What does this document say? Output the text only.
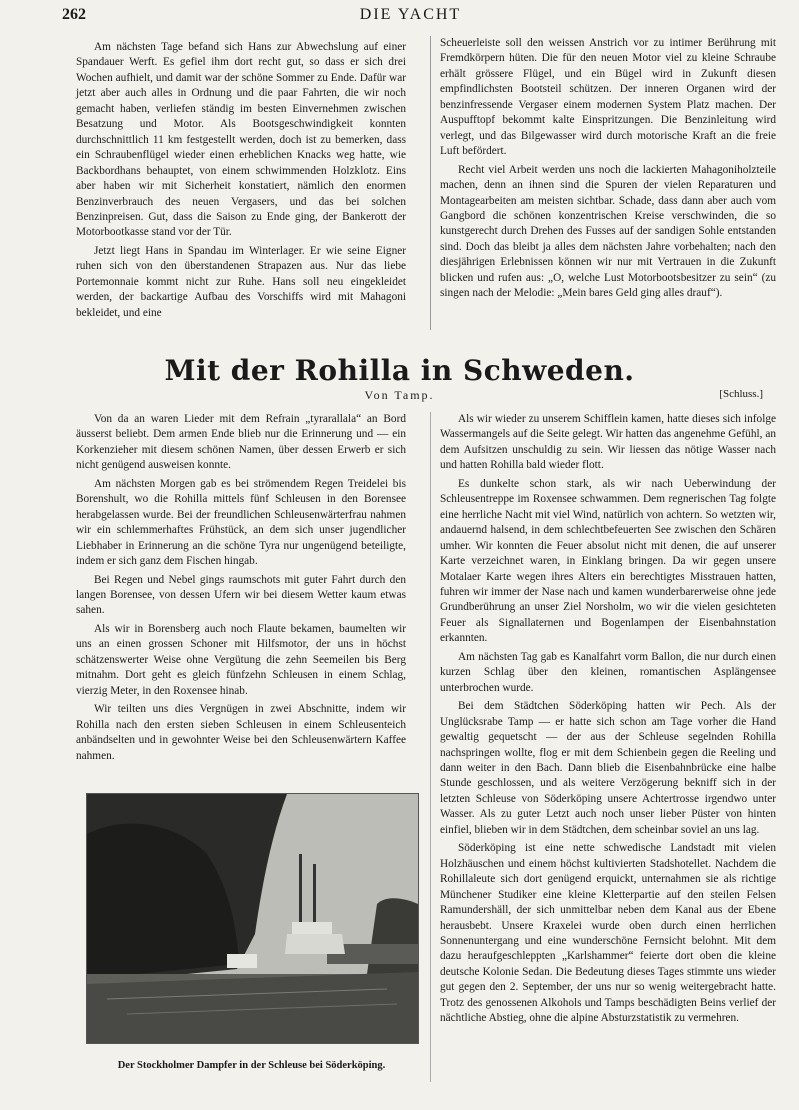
262	DIE YACHT

Am nächsten Tage befand sich Hans zur Abwechslung auf einer Spandauer Werft. Es gefiel ihm dort recht gut, so dass er sich drei Wochen aufhielt, und damit war der schöne Sommer zu Ende. Dafür war jetzt aber auch alles in Ordnung und die paar Fahrten, die wir noch gemacht haben, verliefen ständig im besten Einvernehmen zwischen Besatzung und Motor. Als Bootsgeschwindigkeit konnten durchschnittlich 11 km festgestellt werden, doch ist zu bemerken, dass ein Schraubenflügel wieder einen erheblichen Knacks weg hatte, wie Backbordhans behauptet, von einem schwimmenden Holzklotz. Eins aber haben wir mit Sicherheit konstatiert, nämlich den enormen Benzinverbrauch des neuen Vergasers, und das bei solchen Benzinpreisen. Gut, dass die Saison zu Ende ging, der Bankerott der Motorbootkasse stand vor der Tür.

Jetzt liegt Hans in Spandau im Winterlager. Er wie seine Eigner ruhen sich von den überstandenen Strapazen aus. Nur das liebe Portemonnaie kommt nicht zur Ruhe. Hans soll neu eingekleidet werden, der backartige Aufbau des Vorschiffs wird mit Mahagoni bekleidet, und eine

Scheuerleiste soll den weissen Anstrich vor zu intimer Berührung mit Fremdkörpern hüten. Die für den neuen Motor viel zu kleine Schraube erhält grössere Flügel, und ein Bügel wird in Zukunft diesen empfindlichsten Bootsteil schützen. Der inneren Organen wird der benzinfressende Vergaser einem modernen System Platz machen. Der Auspufftopf bekommt kalte Einspritzungen. Die Benzinleitung wird verlegt, und das Bilgewasser wird durch motorische Kraft an die freie Luft befördert.

Recht viel Arbeit werden uns noch die lackierten Mahagoniholzteile machen, denn an ihnen sind die Spuren der vielen Reparaturen und Montagearbeiten am meisten sichtbar. Schade, dass dann aber auch vom Gangbord die schönen konzentrischen Kreise verschwinden, die so kunstgerecht durch Drehen des Fusses auf der sandigen Sohle entstanden sind. Doch das bleibt ja alles dem nächsten Jahre vorbehalten; nach den diesjährigen Erlebnissen können wir nur mit Vertrauen in die Zukunft blicken und rufen aus: „O, welche Lust Motorbootsbesitzer zu sein“ (zu singen nach der Melodie: „Mein bares Geld ging alles drauf“).

Mit der Rohilla in Schweden.
Von Tamp.	[Schluss.]

Von da an waren Lieder mit dem Refrain „tyrarallala“ an Bord äusserst beliebt. Dem armen Ende blieb nur die Erinnerung und — ein Korkenzieher mit diesem schönen Namen, über dessen Erwerb er sich nicht genügend ausweisen konnte.

Am nächsten Morgen gab es bei strömendem Regen Treidelei bis Borenshult, wo die Rohilla mittels fünf Schleusen in den Borensee herabgelassen wurde. Bei der freundlichen Schleusenwärterfrau nahmen wir ein schlemmerhaftes Frühstück, an dem sich unser jugendlicher Liebhaber in Erinnerung an die schöne Tyra nur ungenügend beteiligte, indem er sich ganz dem Fischen hingab.

Bei Regen und Nebel gings raumschots mit guter Fahrt durch den langen Borensee, von dessen Ufern wir bei diesem Wetter kaum etwas sahen.

Als wir in Borensberg auch noch Flaute bekamen, baumelten wir uns an einen grossen Schoner mit Hilfsmotor, der uns in höchst schätzenswerter Weise ohne Vergütung die zehn Seemeilen bis Berg mitnahm. Dort geht es gleich fünfzehn Schleusen in einem Schlag, vierzig Meter, in den Roxensee hinab.

Wir teilten uns dies Vergnügen in zwei Abschnitte, indem wir Rohilla nach den ersten sieben Schleusen in einem Schleusenteich anbändselten und in gewohnter Weise bei den Schleusenwärtern Kaffee nahmen.

Als wir wieder zu unserem Schifflein kamen, hatte dieses sich infolge Wassermangels auf die Seite gelegt. Wir hatten das angenehme Gefühl, an dem Aufsitzen unschuldig zu sein. Wir liessen das nötige Wasser nach und hatten Rohilla bald wieder flott.

Es dunkelte schon stark, als wir nach Ueberwindung der Schleusentreppe im Roxensee schwammen. Dem regnerischen Tag folgte eine herrliche Nacht mit viel Wind, natürlich von achtern. So wetzten wir, andauernd halsend, in dem schlechtbefeuerten See zwischen den Schären umher. Wir konnten die Feuer absolut nicht mit denen, die auf unserer Karte verzeichnet waren, in Einklang bringen. Da wir gegen unsere Motalaer Karte wegen ihres Alters ein berechtigtes Misstrauen hatten, fuhren wir immer der Nase nach und kamen wunderbarerweise ohne jede Grundberührung an unser Ziel Norsholm, wo wir die vielen gesichteten Feuer als Signallaternen und Bogenlampen der Eisenbahnstation erkannten.

Am nächsten Tag gab es Kanalfahrt vorm Ballon, die nur durch einen kurzen Schlag über den kleinen, romantischen Asplängensee unterbrochen wurde.

Bei dem Städtchen Söderköping hatten wir Pech. Als der Unglücksrabe Tamp — er hatte sich schon am Tage vorher die Hand gewaltig gequetscht — der aus der Schleuse segelnden Rohilla nachspringen wollte, flog er mit dem Schienbein gegen die Reeling und dann weiter in den Bach. Dann blieb die Eisenbahnbrücke eine halbe Stunde geschlossen, und als weitere Verzögerung bekniff sich in der letzten Schleuse von Söderköping unsere Achtertrosse irgendwo unter Wasser. Als zu guter Letzt auch noch unser lieber Püster von hinten einfiel, blieben wir in dem Städtchen, dem scheinbar soviel an uns lag.

Söderköping ist eine nette schwedische Landstadt mit vielen Holzhäuschen und einem höchst kultivierten Stadshotellet. Nachdem die Rohillaleute sich dort genügend erquickt, unternahmen sie als richtige Münchener Studiker eine kleine Kletterpartie auf den steilen Felsen Ramundershäll, der sich unmittelbar neben dem Kanal aus der Ebene herausbebt. Unsere Kraxelei wurde oben durch einen herrlichen Sonnenuntergang und eine wunderschöne Fernsicht belohnt. Mit dem dazu heraufgeschleppten „Karlshammer“ feierte dort oben die kleine deutsche Kolonie Sedan. Die Bedeutung dieses Tages stimmte uns wieder gut gegen den 2. September, der uns nur so wenig weitergebracht hatte. Trotz des genossenen Alkohols und Tamps beschädigten Beins verlief der nächtliche Abstieg, ohne die alpine Absturzstatistik zu vermehren.

Der Stockholmer Dampfer in der Schleuse bei Söderköping.
